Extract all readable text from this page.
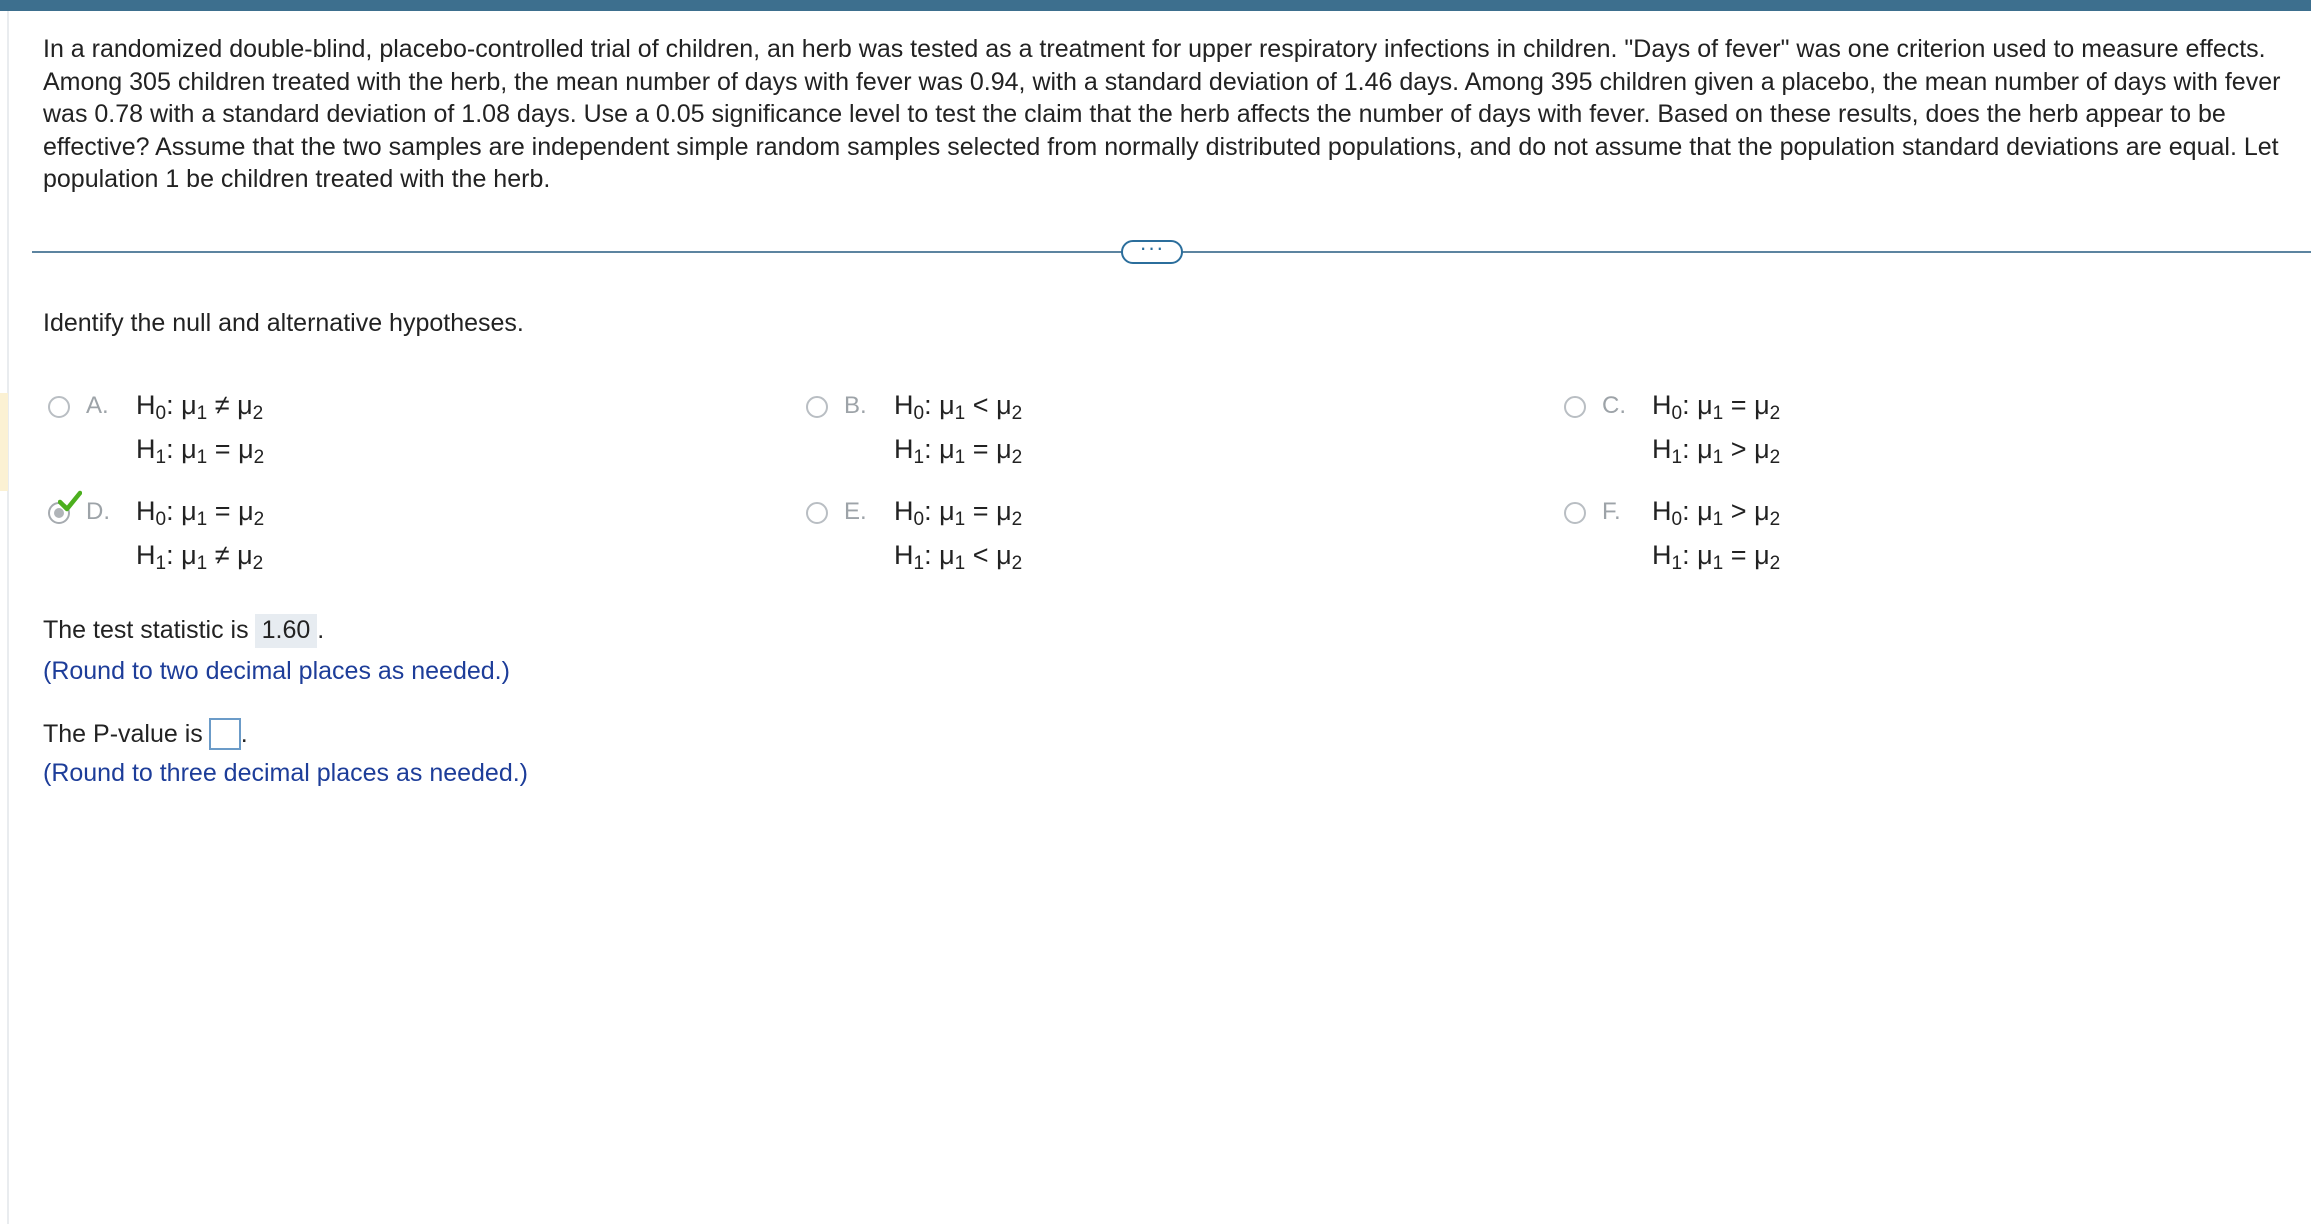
In a randomized double-blind, placebo-controlled trial of children, an herb was tested as a treatment for upper respiratory infections in children. "Days of fever" was one criterion used to measure effects. Among 305 children treated with the herb, the mean number of days with fever was 0.94, with a standard deviation of 1.46 days. Among 395 children given a placebo, the mean number of days with fever was 0.78 with a standard deviation of 1.08 days. Use a 0.05 significance level to test the claim that the herb affects the number of days with fever. Based on these results, does the herb appear to be effective? Assume that the two samples are independent simple random samples selected from normally distributed populations, and do not assume that the population standard deviations are equal. Let population 1 be children treated with the herb.

···
Identify the null and alternative hypotheses.
A. $H_0$: $\mu_1 \ne \mu_2$
$H_1$: $\mu_1 = \mu_2$
B. $H_0$: $\mu_1 < \mu_2$
$H_1$: $\mu_1 = \mu_2$
C. $H_0$: $\mu_1 = \mu_2$
$H_1$: $\mu_1 > \mu_2$
D. $H_0$: $\mu_1 = \mu_2$
$H_1$: $\mu_1 \ne \mu_2$
E. $H_0$: $\mu_1 = \mu_2$
$H_1$: $\mu_1 < \mu_2$
F. $H_0$: $\mu_1 > \mu_2$
$H_1$: $\mu_1 = \mu_2$
The test statistic is 1.60 .
(Round to two decimal places as needed.)
The P-value is .
(Round to three decimal places as needed.)
